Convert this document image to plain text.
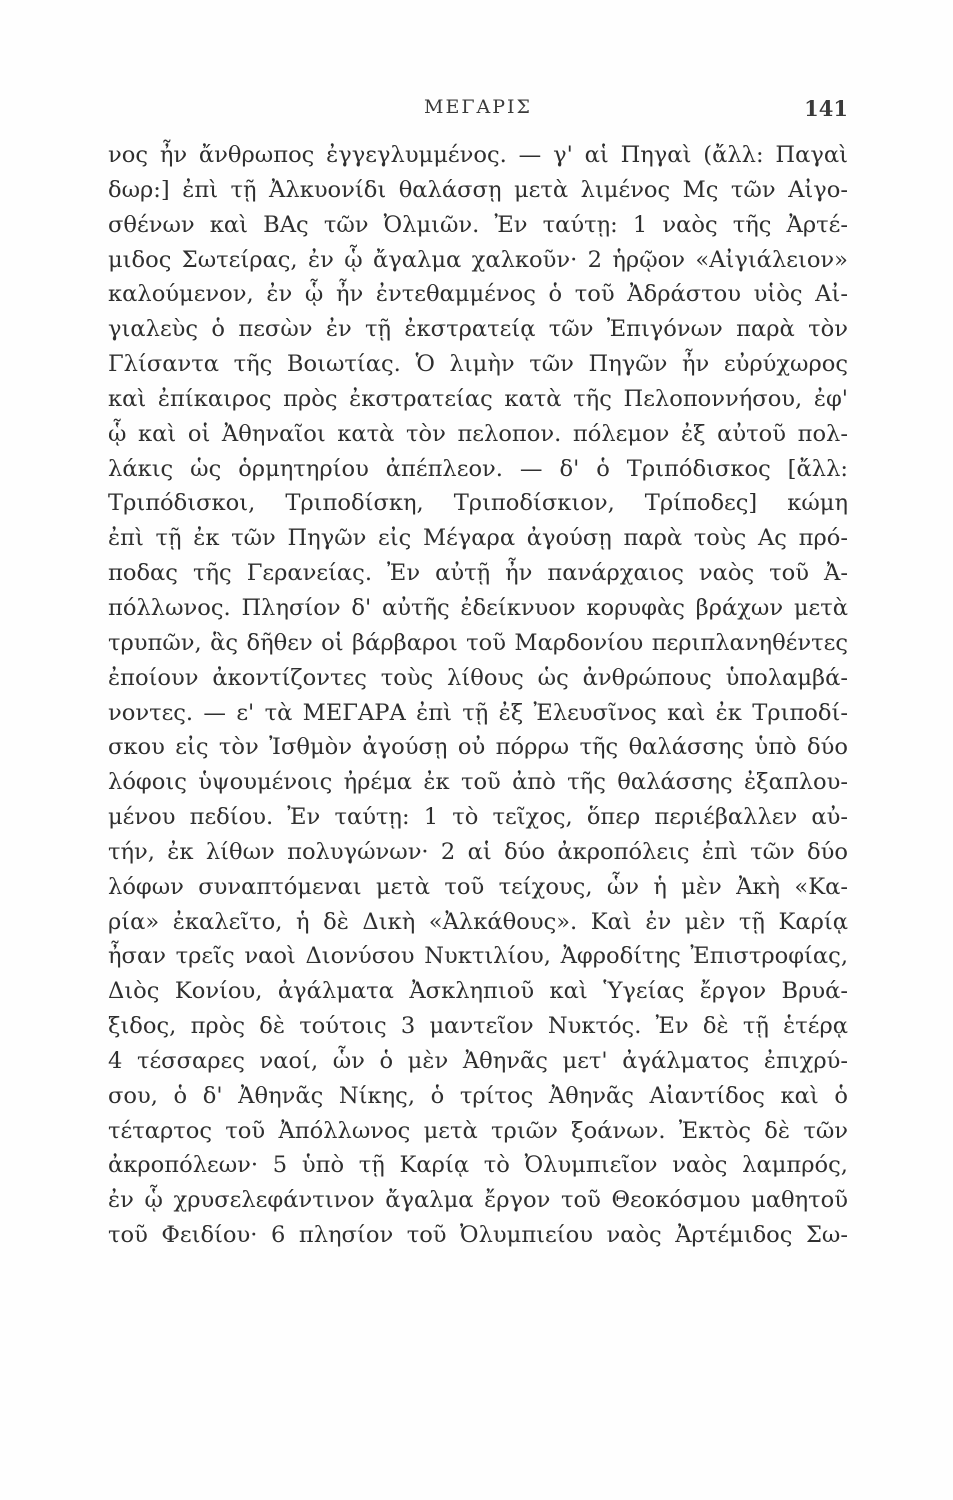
ΜΕΓΑΡΙΣ	141
νος ἦν ἄνθρωπος ἐγγεγλυμμένος. — γ' αἱ Πηγαὶ (ἄλλ: Παγαὶ
δωρ:] ἐπὶ τῇ Ἀλκυονίδι θαλάσσῃ μετὰ λιμένος Μς τῶν Αἰγο-
σθένων καὶ ΒΑς τῶν Ὀλμιῶν. Ἐν ταύτῃ: 1 ναὸς τῆς Ἀρτέ-
μιδος Σωτείρας, ἐν ᾧ ἄγαλμα χαλκοῦν· 2 ἡρῷον «Αἰγιάλειον»
καλούμενον, ἐν ᾧ ἦν ἐντεθαμμένος ὁ τοῦ Ἀδράστου υἱὸς Αἰ-
γιαλεὺς ὁ πεσὼν ἐν τῇ ἐκστρατείᾳ τῶν Ἐπιγόνων παρὰ τὸν
Γλίσαντα τῆς Βοιωτίας. Ὁ λιμὴν τῶν Πηγῶν ἦν εὐρύχωρος
καὶ ἐπίκαιρος πρὸς ἐκστρατείας κατὰ τῆς Πελοποννήσου, ἐφ'
ᾧ καὶ οἱ Ἀθηναῖοι κατὰ τὸν πελοπον. πόλεμον ἐξ αὐτοῦ πολ-
λάκις ὡς ὁρμητηρίου ἀπέπλεον. — δ' ὁ Τριπόδισκος [ἄλλ:
Τριπόδισκοι, Τριποδίσκη, Τριποδίσκιον, Τρίποδες] κώμη
ἐπὶ τῇ ἐκ τῶν Πηγῶν εἰς Μέγαρα ἀγούσῃ παρὰ τοὺς Ας πρό-
ποδας τῆς Γερανείας. Ἐν αὐτῇ ἦν πανάρχαιος ναὸς τοῦ Ἀ-
πόλλωνος. Πλησίον δ' αὐτῆς ἐδείκνυον κορυφὰς βράχων μετὰ
τρυπῶν, ἃς δῆθεν οἱ βάρβαροι τοῦ Μαρδονίου περιπλανηθέντες
ἐποίουν ἀκοντίζοντες τοὺς λίθους ὡς ἀνθρώπους ὑπολαμβά-
νοντες. — ε' τὰ ΜΕΓΑΡΑ ἐπὶ τῇ ἐξ Ἐλευσῖνος καὶ ἐκ Τριποδί-
σκου εἰς τὸν Ἰσθμὸν ἀγούσῃ οὐ πόρρω τῆς θαλάσσης ὑπὸ δύο
λόφοις ὑψουμένοις ἠρέμα ἐκ τοῦ ἀπὸ τῆς θαλάσσης ἐξαπλου-
μένου πεδίου. Ἐν ταύτῃ: 1 τὸ τεῖχος, ὅπερ περιέβαλλεν αὐ-
τήν, ἐκ λίθων πολυγώνων· 2 αἱ δύο ἀκροπόλεις ἐπὶ τῶν δύο
λόφων συναπτόμεναι μετὰ τοῦ τείχους, ὧν ἡ μὲν Ἀκὴ «Κα-
ρία» ἐκαλεῖτο, ἡ δὲ Δικὴ «Ἀλκάθους». Καὶ ἐν μὲν τῇ Καρίᾳ
ἦσαν τρεῖς ναοὶ Διονύσου Νυκτιλίου, Ἀφροδίτης Ἐπιστροφίας,
Διὸς Κονίου, ἀγάλματα Ἀσκληπιοῦ καὶ Ὑγείας ἔργον Βρυά-
ξιδος, πρὸς δὲ τούτοις 3 μαντεῖον Νυκτός. Ἐν δὲ τῇ ἑτέρᾳ
4 τέσσαρες ναοί, ὧν ὁ μὲν Ἀθηνᾶς μετ' ἀγάλματος ἐπιχρύ-
σου, ὁ δ' Ἀθηνᾶς Νίκης, ὁ τρίτος Ἀθηνᾶς Αἰαντίδος καὶ ὁ
τέταρτος τοῦ Ἀπόλλωνος μετὰ τριῶν ξοάνων. Ἐκτὸς δὲ τῶν
ἀκροπόλεων· 5 ὑπὸ τῇ Καρίᾳ τὸ Ὀλυμπιεῖον ναὸς λαμπρός,
ἐν ᾧ χρυσελεφάντινον ἄγαλμα ἔργον τοῦ Θεοκόσμου μαθητοῦ
τοῦ Φειδίου· 6 πλησίον τοῦ Ὀλυμπιείου ναὸς Ἀρτέμιδος Σω-
